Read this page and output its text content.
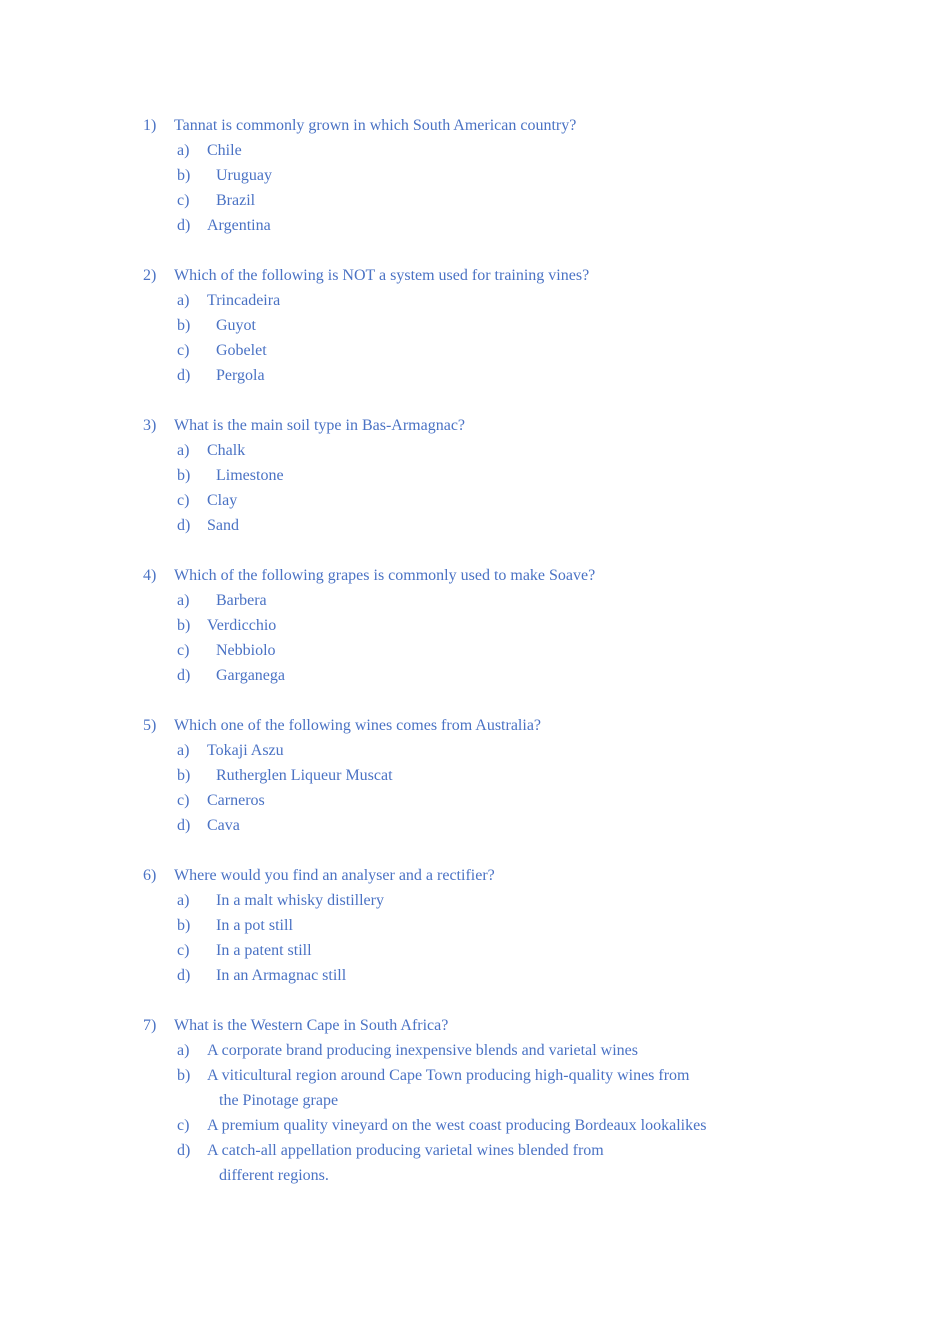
1) Tannat is commonly grown in which South American country?
a) Chile
b) Uruguay
c) Brazil
d) Argentina
2) Which of the following is NOT a system used for training vines?
a) Trincadeira
b) Guyot
c) Gobelet
d) Pergola
3) What is the main soil type in Bas-Armagnac?
a) Chalk
b) Limestone
c) Clay
d) Sand
4) Which of the following grapes is commonly used to make Soave?
a) Barbera
b) Verdicchio
c) Nebbiolo
d) Garganega
5) Which one of the following wines comes from Australia?
a) Tokaji Aszu
b) Rutherglen Liqueur Muscat
c) Carneros
d) Cava
6) Where would you find an analyser and a rectifier?
a) In a malt whisky distillery
b) In a pot still
c) In a patent still
d) In an Armagnac still
7) What is the Western Cape in South Africa?
a) A corporate brand producing inexpensive blends and varietal wines
b) A viticultural region around Cape Town producing high-quality wines from
the Pinotage grape
c) A premium quality vineyard on the west coast producing Bordeaux lookalikes
d) A catch-all appellation producing varietal wines blended from
different regions.
